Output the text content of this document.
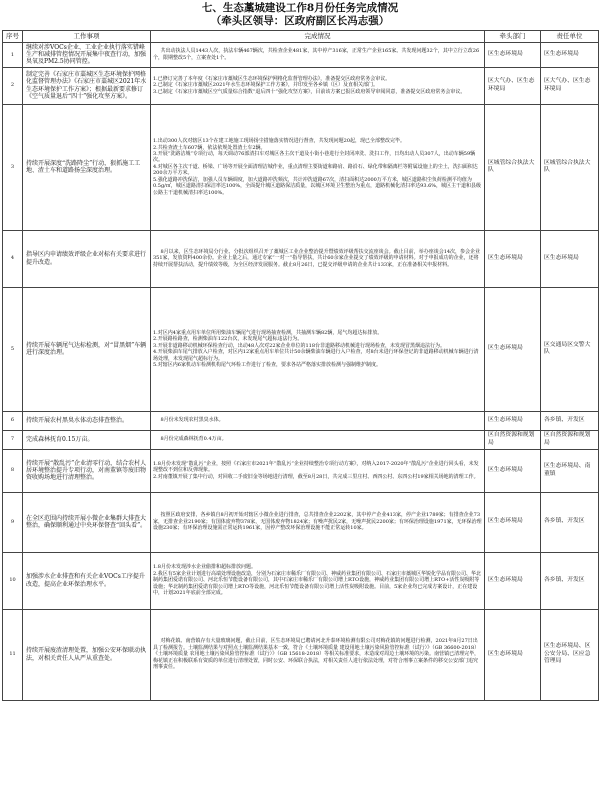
七、生态藁城建设工作8月份任务完成情况
（牵头区领导：区政府副区长冯志强）
序号	工作事项	完成情况	牵头部门	责任单位
1	继续对涉VOCs企业、工业企业执行落实错峰生产和减排管控情况开展集中夜查行动，加强臭氧及PM2.5协同管控。	共出动执法人员1443人次，执法车辆467辆次，共检查企业481家，其中停产316家，正常生产企业165家。共发现问题32个，其中立行立改26个，限期整改5个，立案查处1个。	区生态环境局	区生态环境局
2	制定完善《石家庄市藁城区生态环境保护网格化监督管理办法》《石家庄市藁城区2021年水生态环境保护工作方案》；根据最新要求修订《空气质量退后“四十”强化攻坚方案》。	1.已修订完善了本年度《石家庄市藁城区生态环境保护网格化监督管理办法》，准备提交区政府常务会审议。
2.已制定《石家庄市藁城区2021年水生态环境保护工作方案》，并印发至各乡镇（区）及直相关部门。
3.已制定《石家庄市藁城区空气质量综合指数“退后四十”强化攻坚方案》，目前该方案已报区政府领导审阅同意，准备提交区政府常务会审议。	区大气办、区生态环境局	区大气办、区生态环境局
3	持续开展深度“洗路降尘”行动，狠抓施工工地、渣土车和道路扬尘深度治理。	1.出动300人次对辖区13个在建工地施工现场扬尘措施落实情况进行督查，共发现问题20起，现已全部整改完毕。
2.共检查渣土车607辆，依法依规处置渣土车2辆。
3.开展“洗路洁城”专项行动，每天调动76部清扫车对城区各主次干道及小街小巷进行全封闭冲洗、洗扫工作，日均出动人员307人，出动车辆59辆次。
4.对城区各主次干道、桥梁、广场等开展全面清理洁城作业，重点清理主要街道和路肩、路沿石、绿化带和隔离栏等附属设施上的尘土，洗扫面积达200余万平方米。
5.强化道路冲洗保洁，加强人员车辆调度，加大道路冲洗频次，共计冲洗道路67次，清扫面积达2000万平方米，城区道路积尘负荷检测平均值为0.5g/㎡，城区道路清扫保洁率达100%，全面提升城区道路保洁质量，以城区环境卫生整治为重点，道路机械化清扫率达93.6%，城区主干道和县级公路主干道机械清扫率达100%。	区城管综合执法大队	区城管综合执法大队
4	指导区内申请绩效评级企业对标有关要求进行提升改造。	8月以来，区生态环境局分行业、分批次组织召开了藁城区工业企业整治提升暨绩效评级帮扶交流座谈会。截止目前，举办座谈会14次，参会企业351家，发放资料400余份。企业上量之后，通过专家“一对一”指导帮扶，共计60余家企业提交了绩效评级的申请材料。对于申报成功的企业，还将持续开展帮扶活动，提升绩效等级，为全区经济发展服务。截止8月26日，已提交评级申请的企业共计133家，正在准备相关申报材料。	区生态环境局	区生态环境局
5	持续开展车辆尾气达标检测，对“冒黑烟”车辆进行深度治理。	1.对区内4家重点用车单位所用柴油车辆尾气进行现场抽查检测，共抽测车辆82辆，尾气均超达标排放。
2.开展路检路查，检测柴油车122台次，未发现尾气超标违法行为。
3.开展非道路移动机械环保检查行动，出动48人次对22家企业单位的118台非道路移动机械进行现场检查，未发现冒黑烟违法行为。
4.开展柴油车尾气排放入户检查，对区内12家重点用车单位共计50余辆柴油车辆进行入户检查，对8台未进行环保登记的非道路移动机械车辆进行清场处理，未发现尾气超标行为。
5.对辖区内6家机动车检测机构尾气环检工作进行了检查，要求各站严格落实排放检测与强制维护制度。	区生态环境局	区交通局区交警大队
6	持续开展农村黑臭水体动态排查整治。	8月份未发现农村黑臭水体。	区生态环境局	各乡镇、开发区
7	完成森林抚育0.15万亩。	8月份完成森林抚育0.4万亩。	区自然资源和规划局	区自然资源和规划局
8	持续开展“散乱污”企业清零行动，结合农村人居环境整治提升专项行动，对南董镇等废旧物资收购场地进行清理整治。	1.8月份未发现“散乱污”企业，按照《石家庄市2021年“散乱污”企业持续整治专项行动方案》，对纳入2017-2020年“散乱污”企业进行回头看，未发现整改不到位和反弹现象。
2.对南董镇开展了集中行动，对回收二手废旧金等场地进行清理，截至8月28日，共完成三里庄村、西四公村、东四公村19家相关场地的清理工作。	区生态环境局	区生态环境局、南董镇
9	在全区范围内持续开展小微企业集群大排查大整治，确保顺利通过中央环保督查“回头看”。	按照区政府安排，各乡镇自8月初开始对辖区小微企业进行排查，总共排查企业2202家，其中停产企业413家，停产企业1789家；有排查企业73家，无排查企业2190家；有国体废弃物378家，无国体废弃物1824家；有噪声扰民2家，无噪声扰民2200家；有环保治理设施1971家，无环保治理设施230家；有环保治理设施需正常运转1961家，因停产整改环保治理设施不能正常运转10家。	区生态环境局	各乡镇、开发区
10	加强涉水企业排查和有关企业VOCs工序提升改造，提高企业环保治理水平。	1.8月份未发现涉水企业偷排和超标排放问题。
2.我区有5家企业计划进行高端处理设施改造，分别为石家庄市稀乐厂有限公司、神威药业集团有限公司、石家庄市藁城区华锐化学品有限公司、华北制药集团爱诺有限公司、河北乐恒节能设备有限公司，其中石家庄市稀乐厂有限公司增上RTO设施，神威药业集团有限公司增上RTO+活性炭吸附等设施；华北制药集团爱诺有限公司增上RTO等设施，河北乐恒节能设备有限公司增上活性炭吸附设施。目前，5家企业均已完成方案设计，正在建设中，计划2021年底前全部完成。	区生态环境局	各乡镇、开发区
11	持续开展废渣清理处置，加强公安环保联动执法，对相关责任人从严从重查处。	对梅花镇、南营镇存有大量玻璃问题，截止目前，区生态环境局已聘请河北升泰环境检测有限公司对梅花镇的问题进行检测，2021年8月27日出具了检测报告。土壤监测结果与对照点土壤监测结果基本一致，符合《土壤环境质量 建设用地土壤污染风险管控标准（试行）》（GB 36600-2018）《土壤环境质量 农用地土壤污染风险管控标准（试行）》（GB 15618-2018）等相关标准要求，未造成对周边土壤环境的污染。南营镇已清理完毕，梅花镇正在积极联系有资质的单位进行清理处置，同时公安、环保联合执法，对相关责任人进行依法处理，对符合刑事立案条件的移交公安部门追究刑事责任。	区生态环境局	区生态环境局、区公安分局、区应急管理局
